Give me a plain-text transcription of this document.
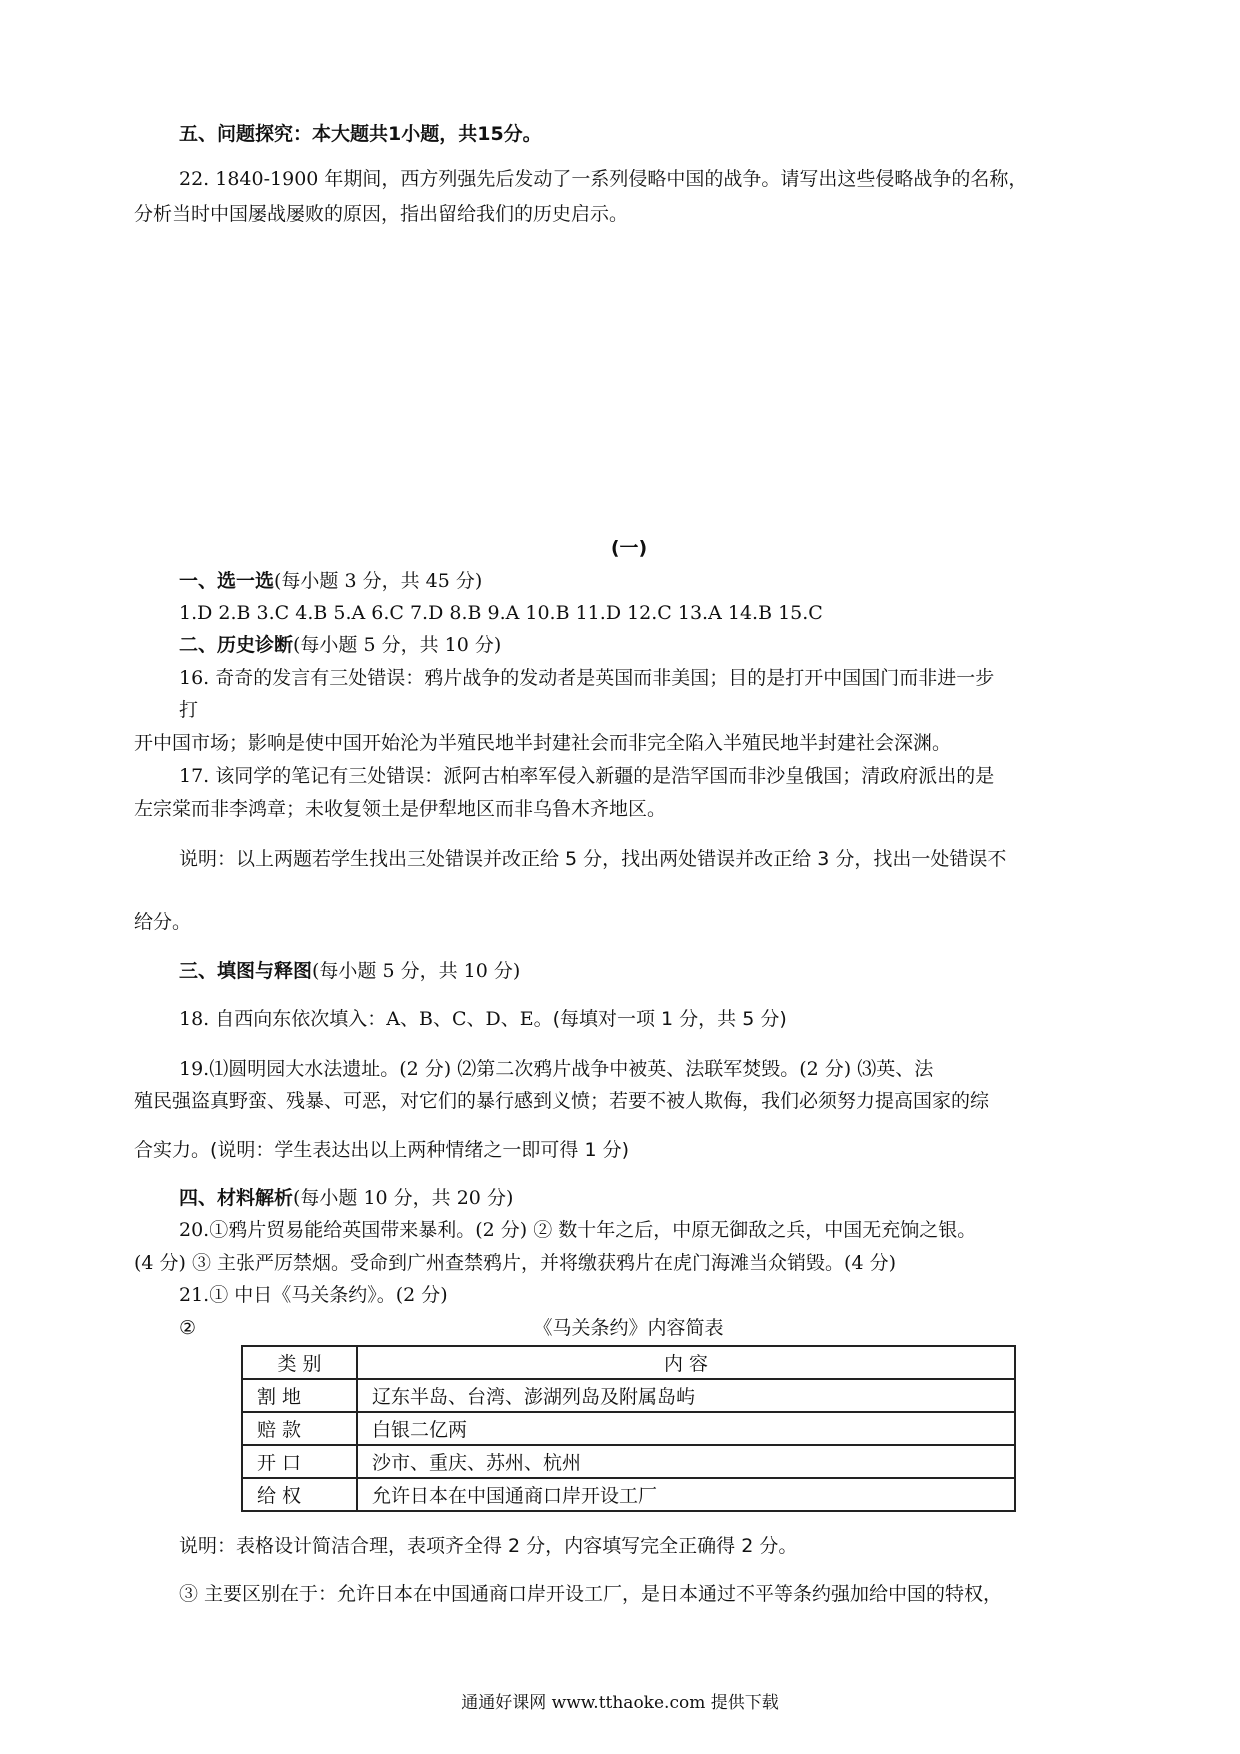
五、问题探究：本大题共1小题，共15分。
22. 1840-1900 年期间，西方列强先后发动了一系列侵略中国的战争。请写出这些侵略战争的名称，
分析当时中国屡战屡败的原因，指出留给我们的历史启示。
(一)
一、选一选(每小题 3 分，共 45 分)
1.D 2.B 3.C 4.B 5.A 6.C 7.D 8.B 9.A 10.B 11.D 12.C 13.A 14.B 15.C
二、历史诊断(每小题 5 分，共 10 分)
16. 奇奇的发言有三处错误：鸦片战争的发动者是英国而非美国；目的是打开中国国门而非进一步
打
开中国市场；影响是使中国开始沦为半殖民地半封建社会而非完全陷入半殖民地半封建社会深渊。
17. 该同学的笔记有三处错误：派阿古柏率军侵入新疆的是浩罕国而非沙皇俄国；清政府派出的是
左宗棠而非李鸿章；未收复领土是伊犁地区而非乌鲁木齐地区。
说明：以上两题若学生找出三处错误并改正给 5 分，找出两处错误并改正给 3 分，找出一处错误不
给分。
三、填图与释图(每小题 5 分，共 10 分)
18. 自西向东依次填入：A、B、C、D、E。(每填对一项 1 分，共 5 分)
19.⑴圆明园大水法遗址。(2 分) ⑵第二次鸦片战争中被英、法联军焚毁。(2 分) ⑶英、法
殖民强盗真野蛮、残暴、可恶，对它们的暴行感到义愤；若要不被人欺侮，我们必须努力提高国家的综
合实力。(说明：学生表达出以上两种情绪之一即可得 1 分)
四、材料解析(每小题 10 分，共 20 分)
20.①鸦片贸易能给英国带来暴利。(2 分) ② 数十年之后，中原无御敌之兵，中国无充饷之银。
(4 分) ③ 主张严厉禁烟。受命到广州查禁鸦片，并将缴获鸦片在虎门海滩当众销毁。(4 分)
21.① 中日《马关条约》。(2 分)
②	《马关条约》内容简表
类 别	内 容
割 地	辽东半岛、台湾、澎湖列岛及附属岛屿
赔 款	白银二亿两
开 口	沙市、重庆、苏州、杭州
给 权	允许日本在中国通商口岸开设工厂
说明：表格设计简洁合理，表项齐全得 2 分，内容填写完全正确得 2 分。
③ 主要区别在于：允许日本在中国通商口岸开设工厂，是日本通过不平等条约强加给中国的特权，
通通好课网 www.tthaoke.com 提供下载
